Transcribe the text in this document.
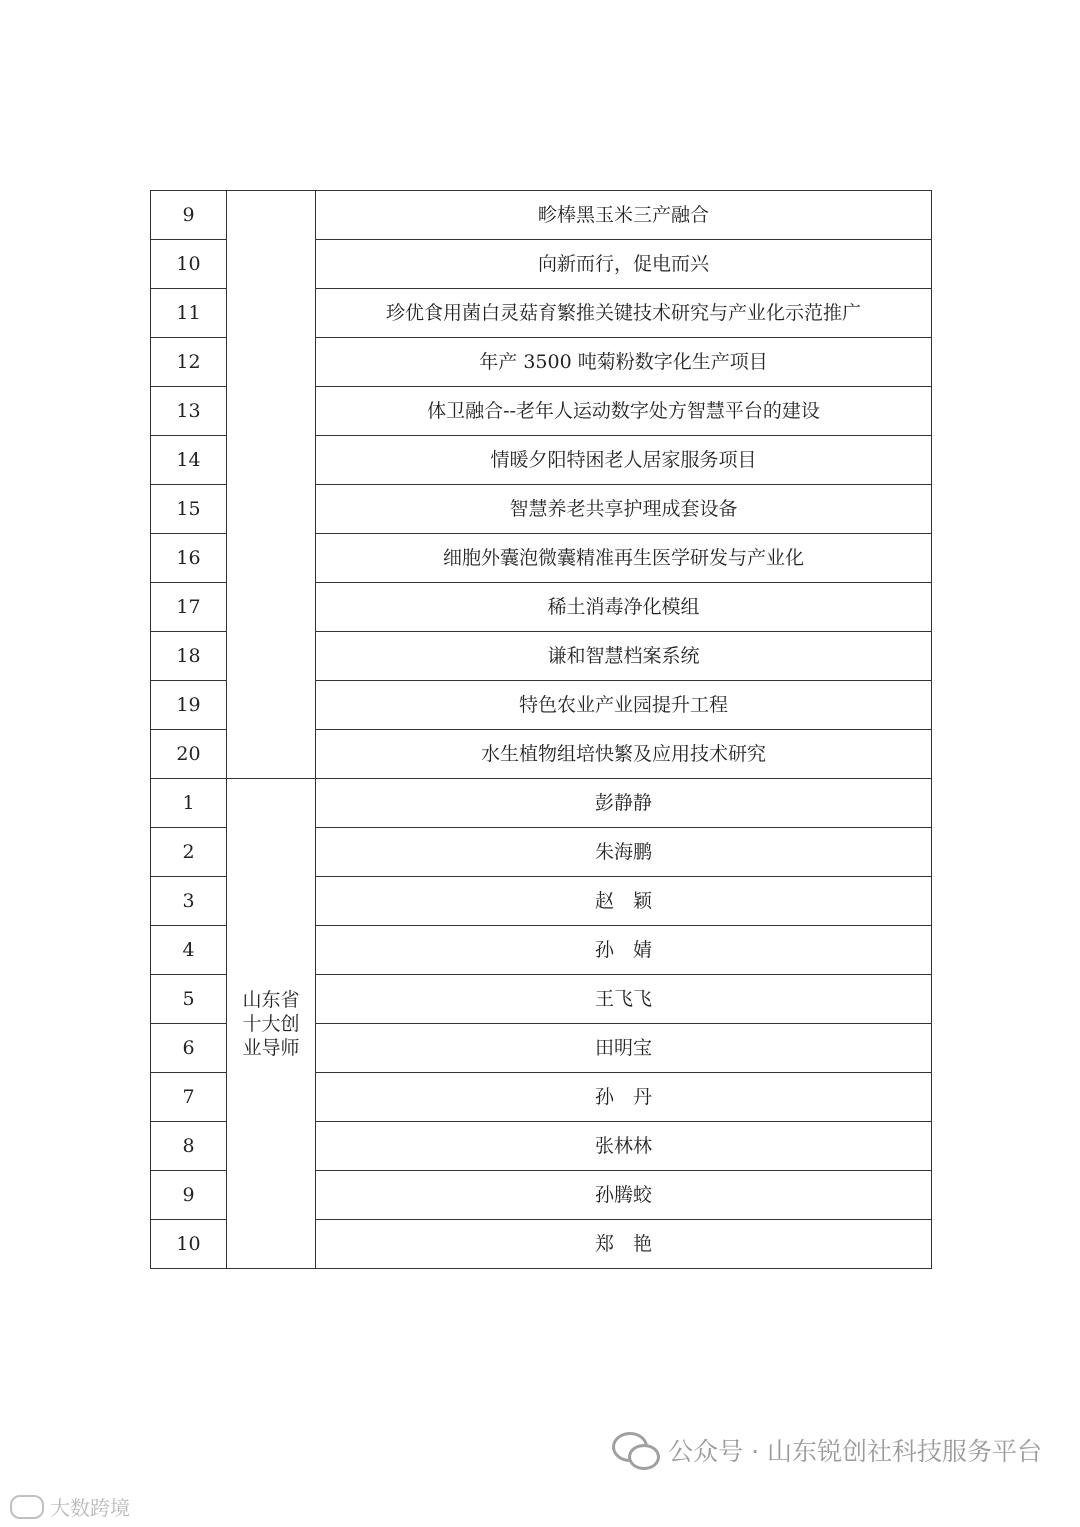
9		畛棒黑玉米三产融合
10		向新而行，促电而兴
11		珍优食用菌白灵菇育繁推关键技术研究与产业化示范推广
12		年产 3500 吨菊粉数字化生产项目
13		体卫融合--老年人运动数字处方智慧平台的建设
14		情暖夕阳特困老人居家服务项目
15		智慧养老共享护理成套设备
16		细胞外囊泡微囊精准再生医学研发与产业化
17		稀土消毒净化模组
18		谦和智慧档案系统
19		特色农业产业园提升工程
20		水生植物组培快繁及应用技术研究
1	山东省
十大创
业导师	彭静静
2		朱海鹏
3		赵　颖
4		孙　婧
5		王飞飞
6		田明宝
7		孙　丹
8		张林林
9		孙腾蛟
10		郑　艳
公众号 · 山东锐创社科技服务平台
大数跨境
